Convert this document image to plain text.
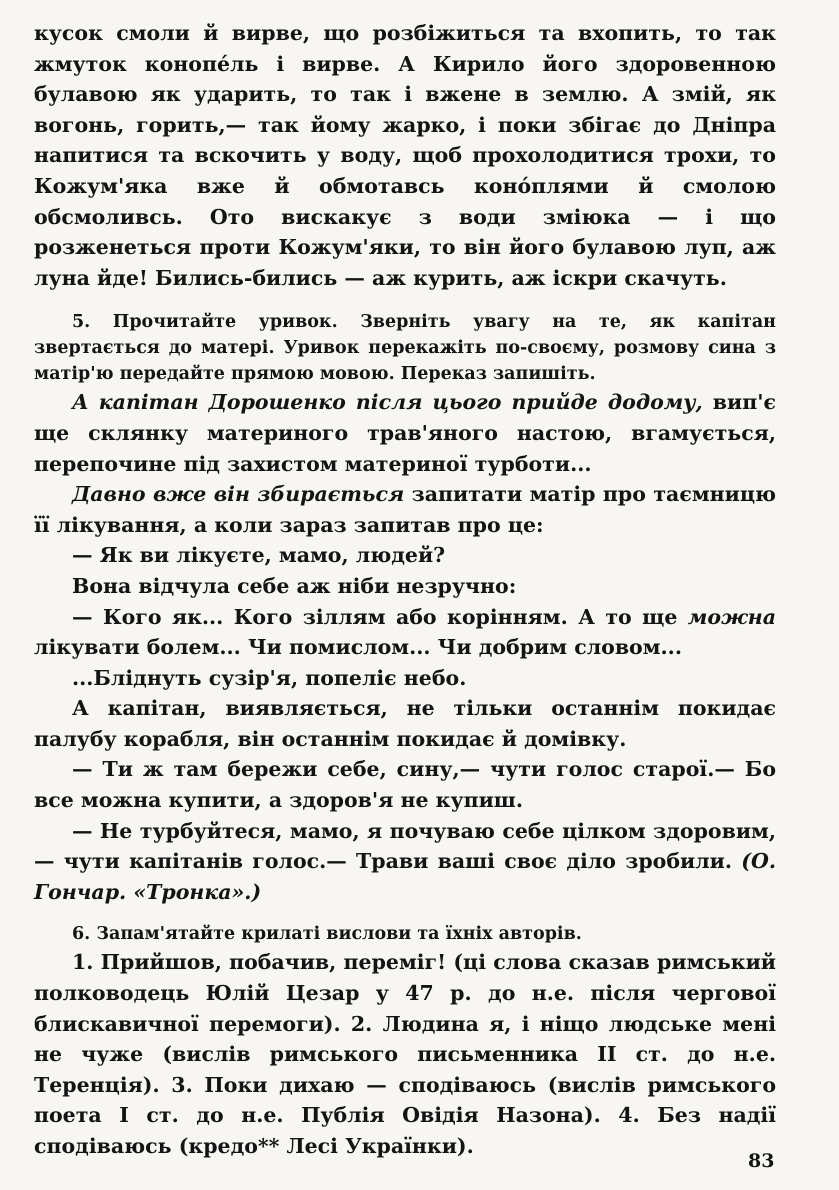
кусок смоли й вирве, що розбіжиться та вхопить, то так жмуток конопе́ль і вирве. А Кирило його здоровенною булавою як ударить, то так і вжене в землю. А змій, як вогонь, горить,— так йому жарко, і поки збігає до Дніпра напитися та вскочить у воду, щоб прохолодитися трохи, то Кожум'яка вже й обмотавсь коно́плями й смолою обсмоливсь. Ото вискакує з води зміюка — і що розженеться проти Кожум'яки, то він його булавою луп, аж луна йде! Бились-бились — аж курить, аж іскри скачуть.

5. Прочитайте уривок. Зверніть увагу на те, як капітан звертається до матері. Уривок перекажіть по-своєму, розмову сина з матір'ю передайте прямою мовою. Переказ запишіть.

А капітан Дорошенко після цього прийде додому, вип'є ще склянку материного трав'яного настою, вгамується, перепочине під захистом материної турботи...

Давно вже він збирається запитати матір про таємницю її лікування, а коли зараз запитав про це:

— Як ви лікуєте, мамо, людей?

Вона відчула себе аж ніби незручно:

— Кого як... Кого зіллям або корінням. А то ще можна лікувати болем... Чи помислом... Чи добрим словом...

...Бліднуть сузір'я, попеліє небо.

А капітан, виявляється, не тільки останнім покидає палубу корабля, він останнім покидає й домівку.

— Ти ж там бережи себе, сину,— чути голос старої.— Бо все можна купити, а здоров'я не купиш.

— Не турбуйтеся, мамо, я почуваю себе цілком здоровим,— чути капітанів голос.— Трави ваші своє діло зробили. (О. Гончар. «Тронка».)

6. Запам'ятайте крилаті вислови та їхніх авторів.

1. Прийшов, побачив, переміг! (ці слова сказав римський полководець Юлій Цезар у 47 р. до н.е. після чергової блискавичної перемоги). 2. Людина я, і ніщо людське мені не чуже (вислів римського письменника II ст. до н.е. Теренція). 3. Поки дихаю — сподіваюсь (вислів римського поета I ст. до н.е. Публія Овідія Назона). 4. Без надії сподіваюсь (кредо** Лесі Українки).

83
